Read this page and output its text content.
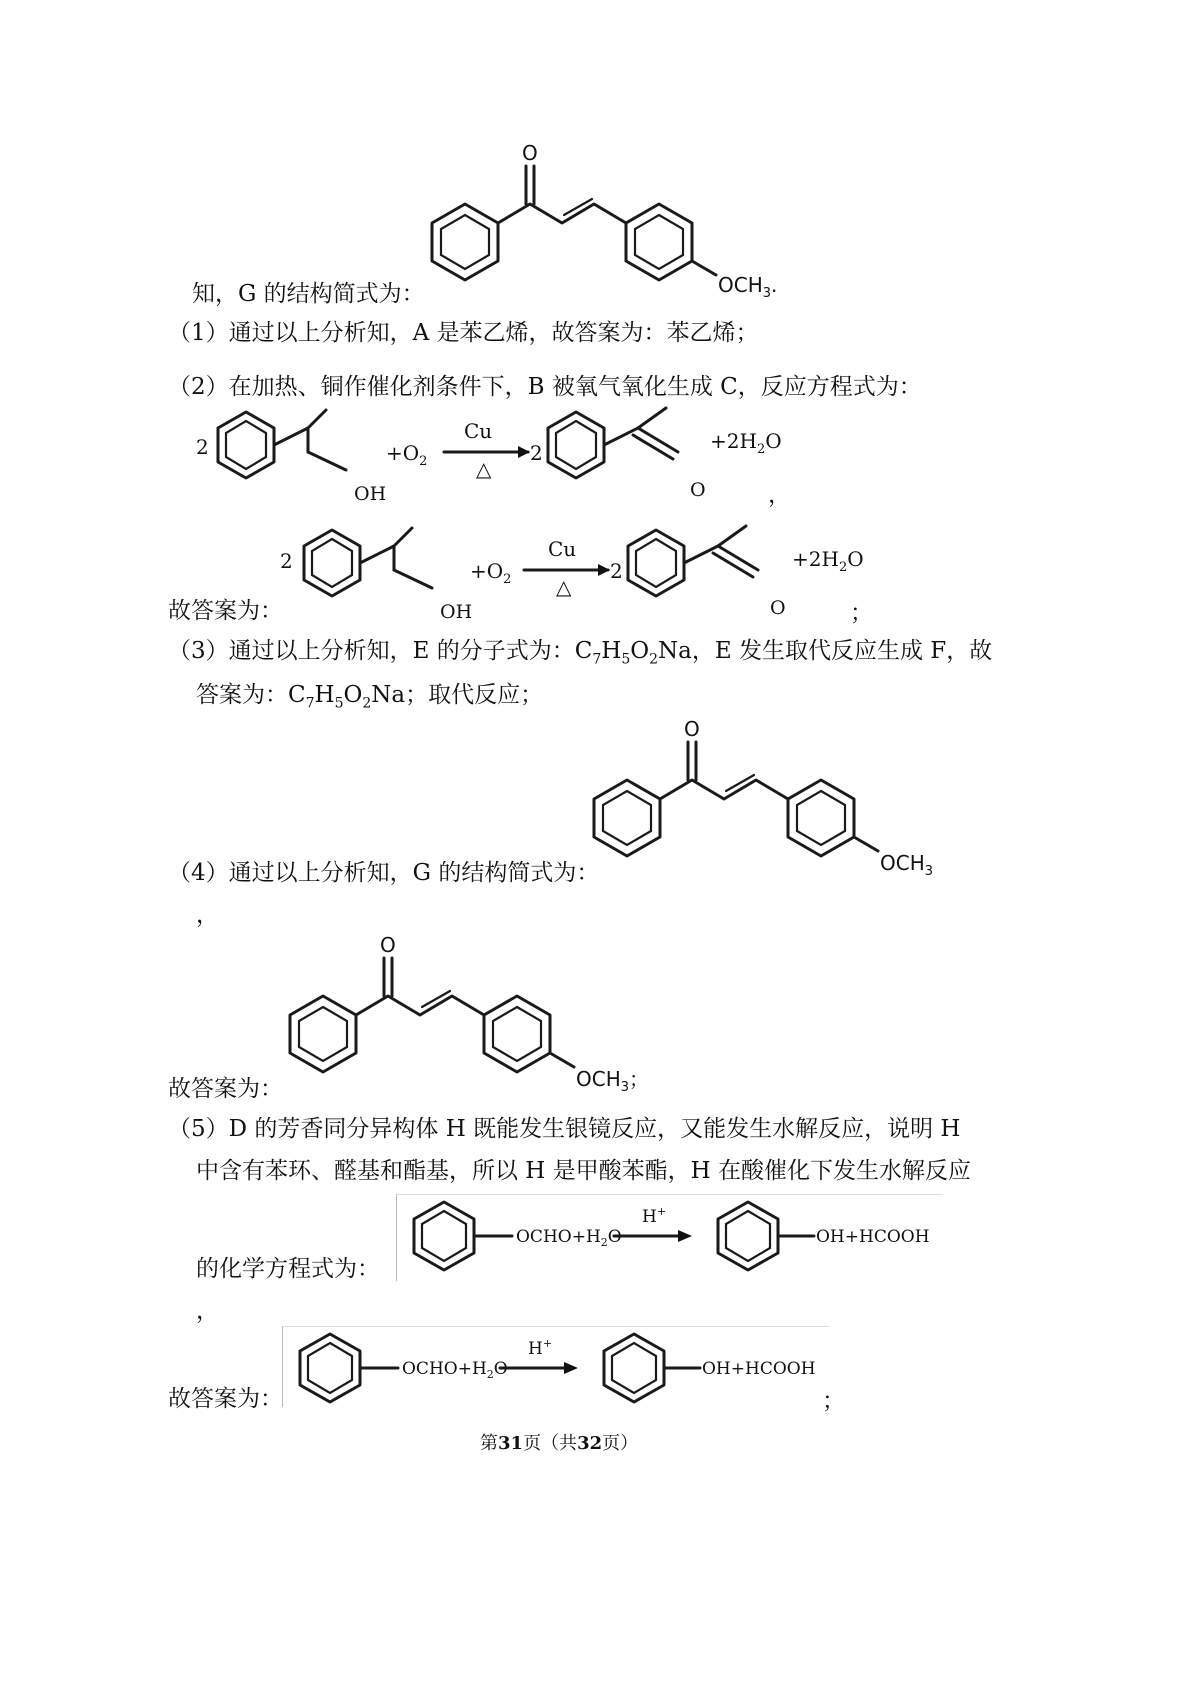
O
$OCH_3$.
知，G 的结构简式为：
（1）通过以上分析知，A 是苯乙烯，故答案为：苯乙烯；
（2）在加热、铜作催化剂条件下，B 被氧气氧化生成 C，反应方程式为：
2
OH
$+O_2$
Cu
△
2
O
$+2H_2O$
，
故答案为：
2
OH
$+O_2$
Cu
△
2
O
$+2H_2O$
；
（3）通过以上分析知，E 的分子式为：$C_7H_5O_2Na$，E 发生取代反应生成 F，故
答案为：$C_7H_5O_2Na$；取代反应；
O
$OCH_3$
（4）通过以上分析知，G 的结构简式为：
，
O
$OCH_3$；
故答案为：
（5）D 的芳香同分异构体 H 既能发生银镜反应，又能发生水解反应，说明 H
中含有苯环、醛基和酯基，所以 H 是甲酸苯酯，H 在酸催化下发生水解反应
的化学方程式为：
$OCHO+H_2O$
H+
OH+HCOOH
，
故答案为：
$OCHO+H_2O$
H+
OH+HCOOH
；
第31页（共32页）
